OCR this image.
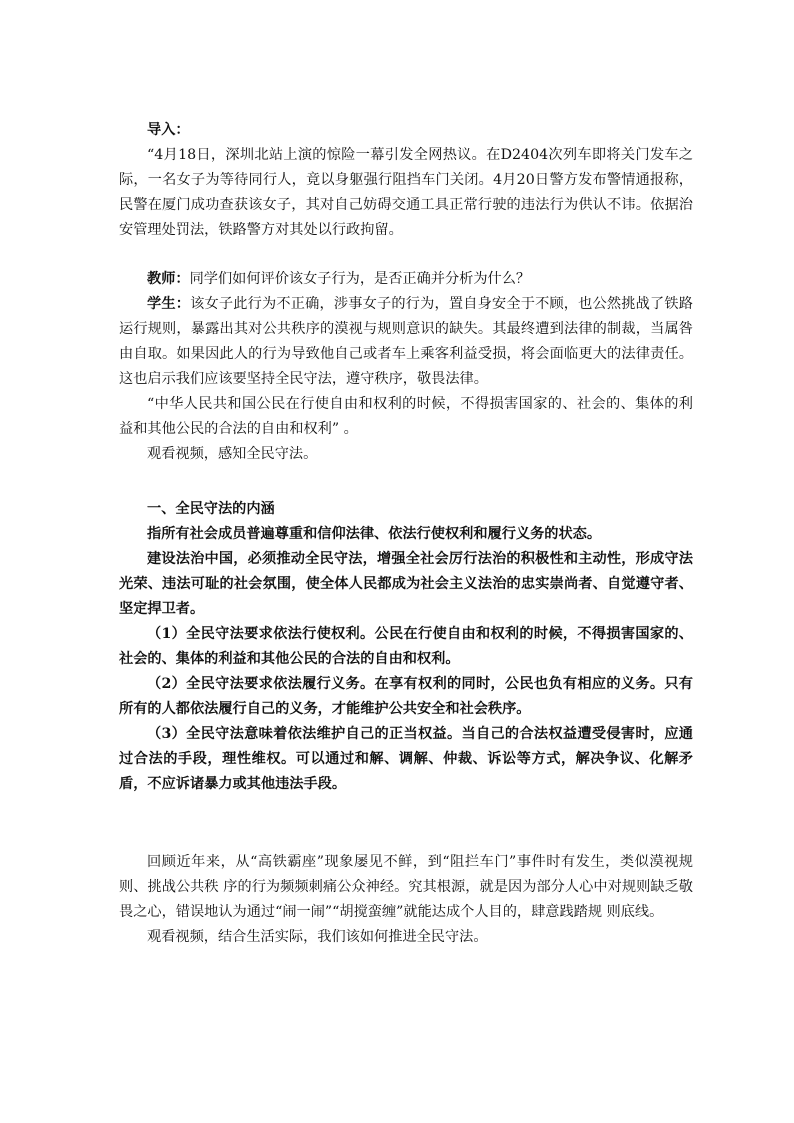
导入：

“4月18日，深圳北站上演的惊险一幕引发全网热议。在D2404次列车即将关门发车之际，一名女子为等待同行人，竟以身躯强行阻挡车门关闭。4月20日警方发布警情通报称，民警在厦门成功查获该女子，其对自己妨碍交通工具正常行驶的违法行为供认不讳。依据治安管理处罚法，铁路警方对其处以行政拘留。

教师：同学们如何评价该女子行为，是否正确并分析为什么？

学生：该女子此行为不正确，涉事女子的行为，置自身安全于不顾，也公然挑战了铁路运行规则，暴露出其对公共秩序的漠视与规则意识的缺失。其最终遭到法律的制裁，当属咎由自取。如果因此人的行为导致他自己或者车上乘客利益受损，将会面临更大的法律责任。这也启示我们应该要坚持全民守法，遵守秩序，敬畏法律。

“中华人民共和国公民在行使自由和权利的时候，不得损害国家的、社会的、集体的利益和其他公民的合法的自由和权利” 。

观看视频，感知全民守法。

一、全民守法的内涵

指所有社会成员普遍尊重和信仰法律、依法行使权利和履行义务的状态。

建设法治中国，必须推动全民守法，增强全社会厉行法治的积极性和主动性，形成守法光荣、违法可耻的社会氛围，使全体人民都成为社会主义法治的忠实崇尚者、自觉遵守者、坚定捍卫者。

（1）全民守法要求依法行使权利。公民在行使自由和权利的时候，不得损害国家的、社会的、集体的利益和其他公民的合法的自由和权利。

（2）全民守法要求依法履行义务。在享有权利的同时，公民也负有相应的义务。只有所有的人都依法履行自己的义务，才能维护公共安全和社会秩序。

（3）全民守法意味着依法维护自己的正当权益。当自己的合法权益遭受侵害时，应通过合法的手段，理性维权。可以通过和解、调解、仲裁、诉讼等方式，解决争议、化解矛盾，不应诉诸暴力或其他违法手段。

回顾近年来，从“高铁霸座”现象屡见不鲜，到“阻拦车门”事件时有发生，类似漠视规则、挑战公共秩 序的行为频频刺痛公众神经。究其根源，就是因为部分人心中对规则缺乏敬畏之心，错误地认为通过“闹一闹”“胡搅蛮缠”就能达成个人目的，肆意践踏规 则底线。

观看视频，结合生活实际，我们该如何推进全民守法。
